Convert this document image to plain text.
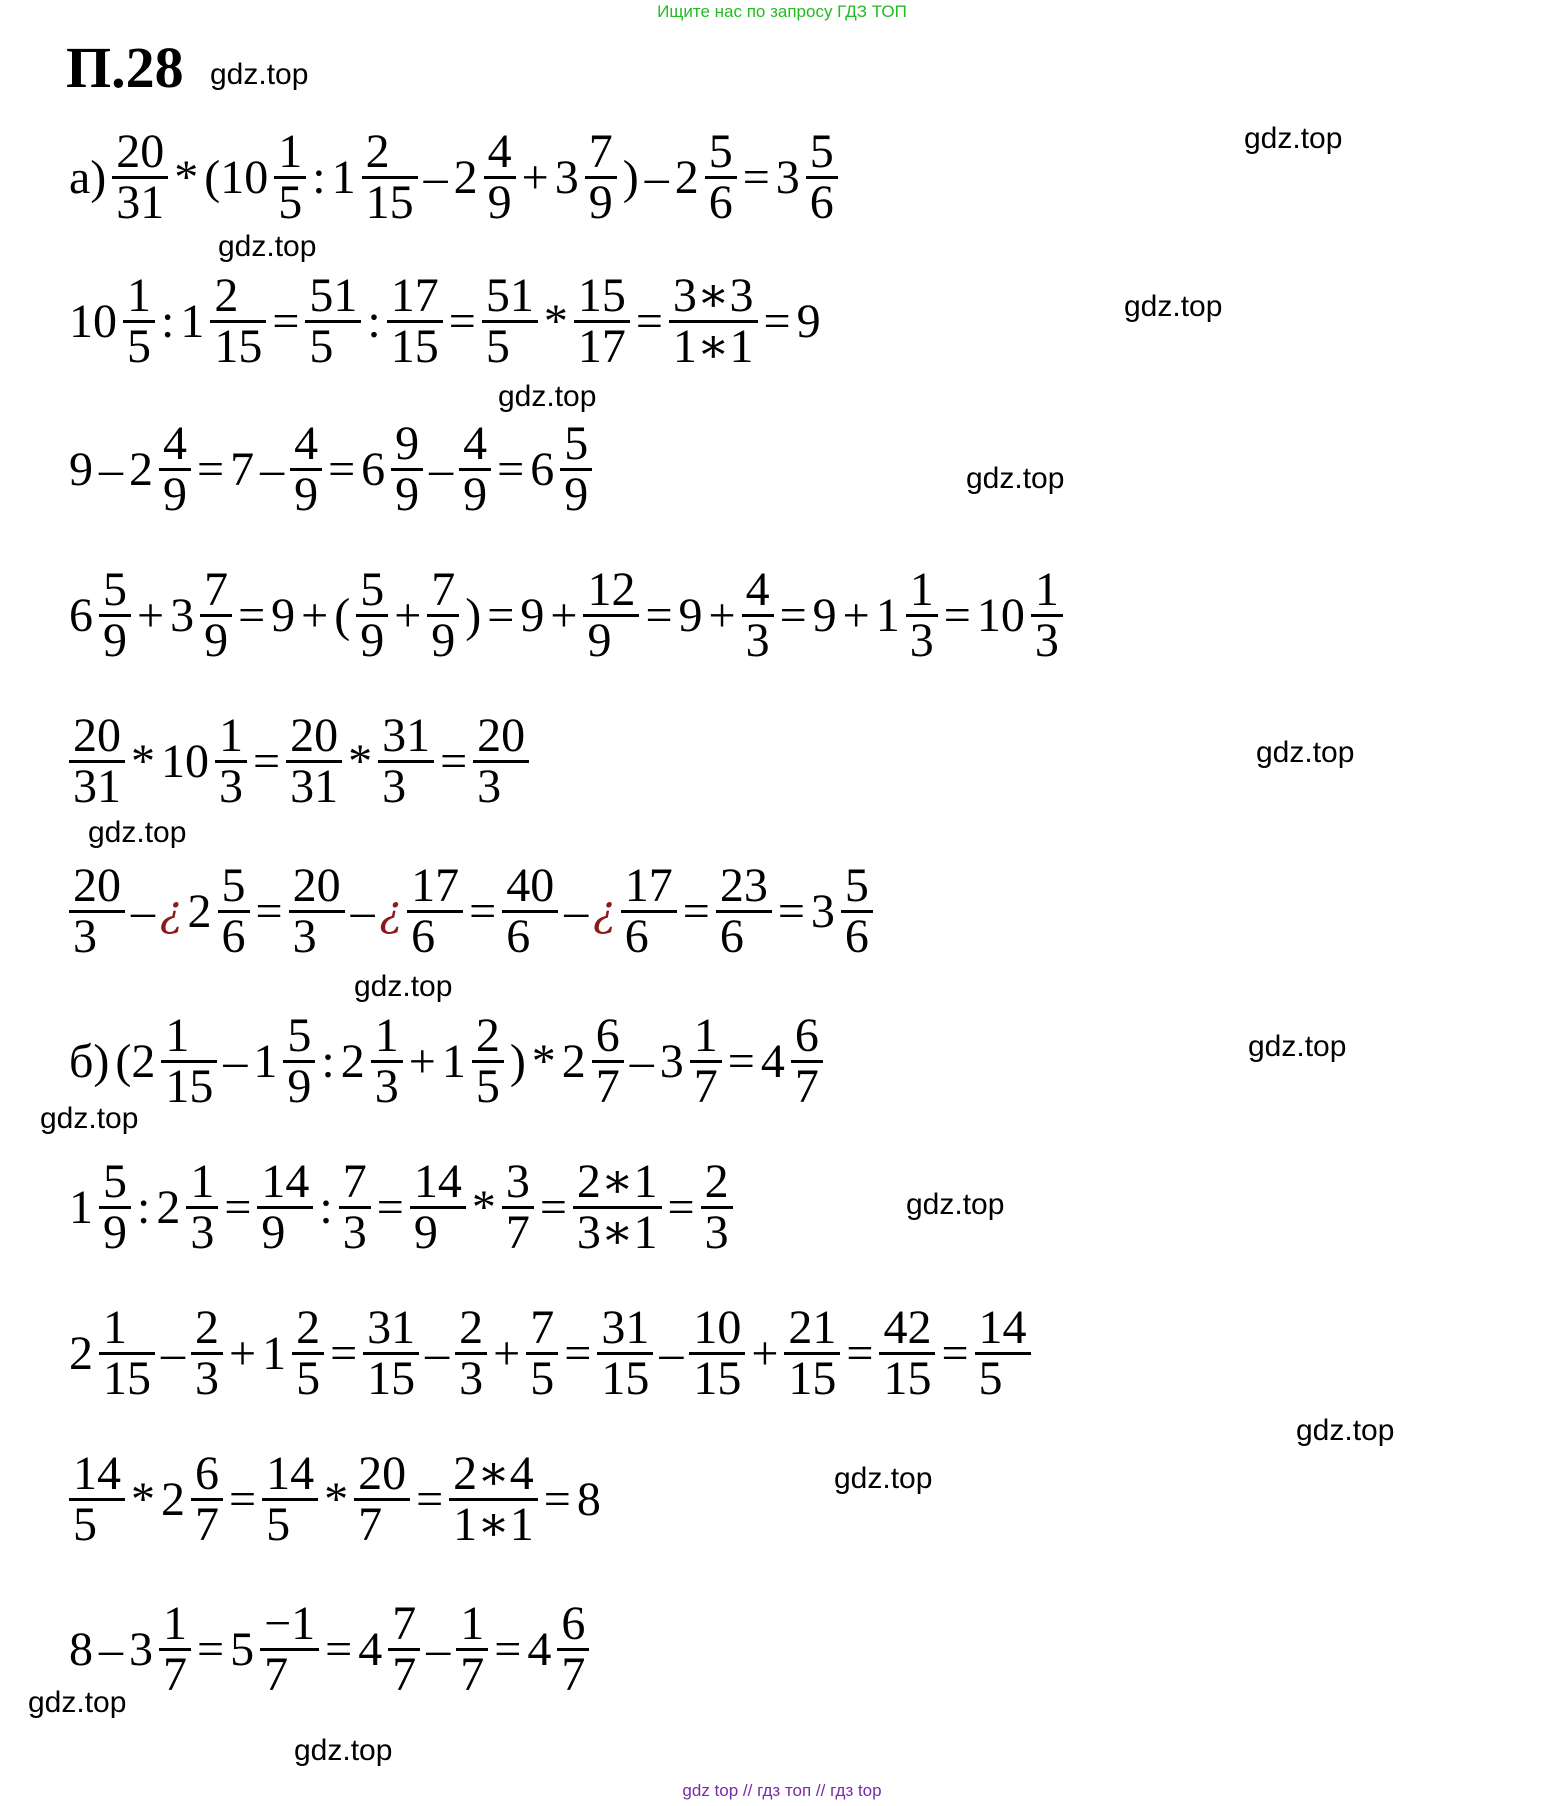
Ищите нас по запросу ГДЗ ТОП
П.28 gdz.top
gdz.top
gdz.top
gdz.top
gdz.top
gdz.top
gdz.top
gdz.top
gdz.top
gdz.top
gdz.top
gdz.top
gdz.top
gdz.top
gdz.top
gdz.top
а) 20
31 * (10 1
5 : 1 2
15 – 2 4
9 + 3 7
9 ) – $2 \frac{5}{6} = 3$ 5
6
10 1
5 : $1 \frac{2}{15} = \frac{51}{5}$ : $\frac{17}{15} = \frac{51}{5} * \frac{15}{17} = \frac{3∗3}{1∗1} = 9$
$9 - 2 \frac{4}{9} = 7 - \frac{4}{9} = 6$ 9
$9 - \frac{4}{9} = 6$ 5
9
6 5
$9 + 3 \frac{7}{9} = 9$ + ( 5
$9 + \frac{7}{9}$ ) = $9 + \frac{12}{9} = 9 + \frac{4}{3} = 9 + 1 \frac{1}{3} = 10$ 1
3
20
$31 * 10 \frac{1}{3} = \frac{20}{31} * \frac{31}{3} = \frac{20}{3}$
20
3 – ¿ $2 \frac{5}{6} = \frac{20}{3}$ – ¿ $\frac{17}{6} = \frac{40}{6}$ – ¿ $\frac{17}{6} = \frac{23}{6} = 3$ 5
6
б) (2 1
15 – 1 5
9 : 2 1
3 + 1 2
5 ) * 2 6
$7 - 3 \frac{1}{7} = 4$ 6
7
1 5
9 : $2 \frac{1}{3} = \frac{14}{9}$ : $\frac{7}{3} = \frac{14}{9} * \frac{3}{7} = \frac{2∗1}{3∗1} = \frac{2}{3}$
2 1
15 – 2
$3 + 1 \frac{2}{5} = \frac{31}{15} - 2$
$3 + \frac{7}{5} = \frac{31}{15} - 10$
$15 + \frac{21}{15} = \frac{42}{15} = \frac{14}{5}$
14
$5 * 2 \frac{6}{7} = \frac{14}{5} * \frac{20}{7} = \frac{2∗4}{1∗1} = 8$
$8 - 3 \frac{1}{7} = 5 \frac{-1}{7} = 4$ 7
$7 - \frac{1}{7} = 4$ 6
7
gdz top // гдз топ // гдз top
